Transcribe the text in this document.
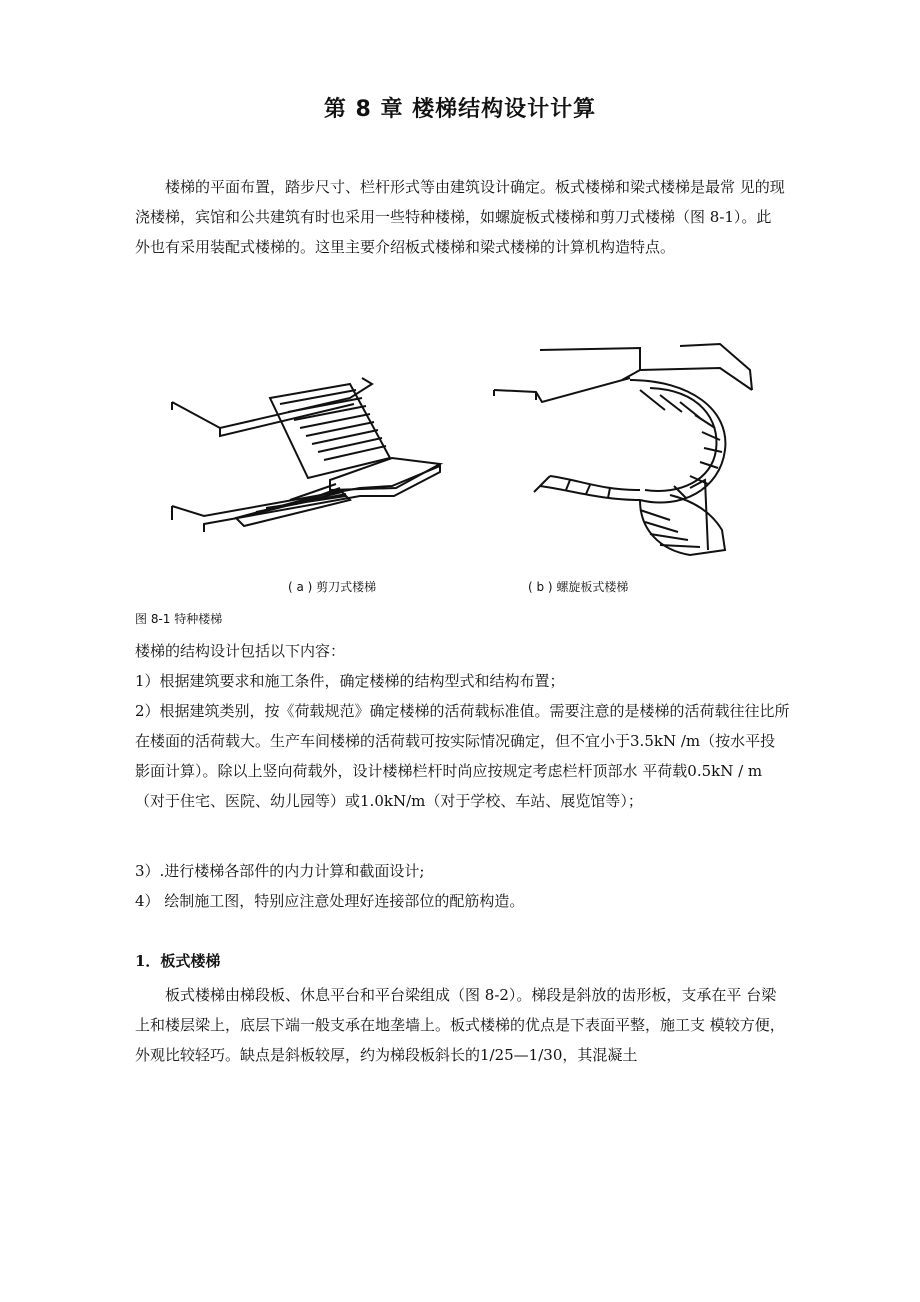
第 8 章 楼梯结构设计计算

楼梯的平面布置，踏步尺寸、栏杆形式等由建筑设计确定。板式楼梯和梁式楼梯是最常 见的现浇楼梯，宾馆和公共建筑有时也采用一些特种楼梯，如螺旋板式楼梯和剪刀式楼梯（图 8-1）。此外也有采用装配式楼梯的。这里主要介绍板式楼梯和梁式楼梯的计算机构造特点。

( a ) 剪刀式楼梯	( b ) 螺旋板式楼梯
图 8-1 特种楼梯

楼梯的结构设计包括以下内容：

1）根据建筑要求和施工条件，确定楼梯的结构型式和结构布置；

2）根据建筑类别，按《荷载规范》确定楼梯的活荷载标准值。需要注意的是楼梯的活荷载往往比所在楼面的活荷载大。生产车间楼梯的活荷载可按实际情况确定，但不宜小于3.5kN /m（按水平投影面计算）。除以上竖向荷载外，设计楼梯栏杆时尚应按规定考虑栏杆顶部水 平荷载0.5kN / m（对于住宅、医院、幼儿园等）或1.0kN/m（对于学校、车站、展览馆等）；

3）.进行楼梯各部件的内力计算和截面设计;

4） 绘制施工图，特别应注意处理好连接部位的配筋构造。

1．板式楼梯

板式楼梯由梯段板、休息平台和平台梁组成（图 8-2）。梯段是斜放的齿形板，支承在平 台梁上和楼层梁上，底层下端一般支承在地垄墙上。板式楼梯的优点是下表面平整，施工支 模较方便，外观比较轻巧。缺点是斜板较厚，约为梯段板斜长的1/25—1/30，其混凝土
